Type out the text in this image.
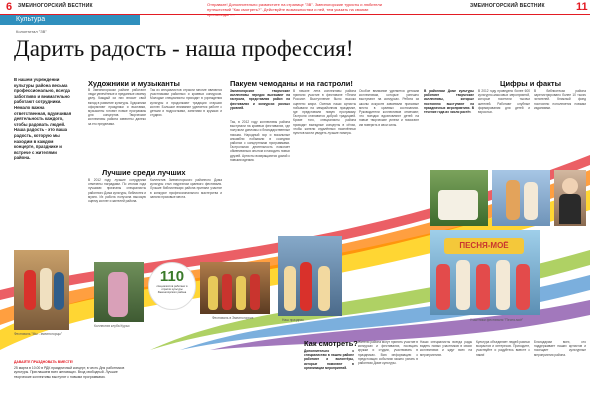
6 ЗМЕИНОГОРСКИЙ ВЕСТНИК	Отправьте! Дополнительно разместите на странице "ЗВ". Змеиногорские туристы и любители путешествий "Как смотреть?". Действуйте возможностям и ней, тем указать на своими пропаганды ....
ЗМЕИНОГОРСКИЙ ВЕСТНИК	11
Культура
Колонтитал "ЗВ"
Дарить радость - наша профессия!
В нашем учреждении культуры района весьма профессионально, всегда заботливо и внимательно работают сотрудники. Немало важна ответственная, вдумчивая деятельность каждого, чтобы радовать людей. Наша радость - это ваша радость, которую мы находим в каждом концерте, празднике и встрече с жителями района.
Художники и музыканты
В Змеиногорском районе работают люди увлечённые и преданные своему делу. Каждый из них вносит свой вклад в развитие культуры. Художники оформляют праздники и выставки, музыканты готовят новые программы для концертов. Творческие коллективы района известны далеко за его пределами.
Так из специалистов отрасли многие являются участниками районных и краевых конкурсов. Молодые специалисты приходят в учреждения культуры и продолжают традиции старших коллег. Большое внимание уделяется работе с детьми и подростками, занятиям в кружках и студиях.
Лучшие среди лучших
В 2012 году лучшие сотрудники отмечены наградами. По итогам года лучшими признаны специалисты районного Дома культуры, библиотек и музея. Их работа получила высокую оценку коллег и жителей района.
Коллектив Змеиногорского районного Дома культуры стал лауреатом краевого фестиваля. Лучшие библиотекари района приняли участие в конкурсе профессионального мастерства и заняли призовые места.
110
специалистов работают в отрасли культуры Змеиногорского района
Пакуем чемоданы и на гастроли!
Змеиногорские творческие коллективы нередко выезжают на гастроли, представляя район на фестивалях и конкурсах разных уровней.
Так, в 2012 году коллективы района выступали на краевых фестивалях, где получили дипломы и благодарственные письма. Народный хор и вокальные ансамбли побывали в соседних районах с концертными программами. Гастрольная деятельность помогает обмениваться опытом и находить новых друзей. Артисты возвращаются домой с новыми идеями.
В начале лета коллективы района приняли участие в фестивале «Песни России». Выступление было высоко оценено жюри. Осенью наши артисты побывали на межрайонном празднике, где представили новую программу. Гастроли становятся доброй традицией. Кроме того, специалисты района проводят выездные концерты в сёлах, чтобы жители отдалённых населённых пунктов могли увидеть лучшие номера.
Особое внимание уделяется детским коллективам, которые успешно выступают на конкурсах. Ребята из школы искусств завоевали призовые места в краевых состязаниях. Руководители коллективов отмечают, что поездки вдохновляют детей на новые творческие успехи и помогают им поверить в свои силы.
Цифры и факты
В районном Доме культуры работают творческие коллективы, которые постоянно выступают на праздничных мероприятиях. В течение года их число растёт.
В 2012 году проведено более 600 культурно-массовых мероприятий, которые посетили тысячи жителей. Работают клубные формирования для детей и взрослых.
В библиотеках района зарегистрировано более 10 тысяч читателей. Книжный фонд постоянно пополняется новыми изданиями.
Фестиваль "Мы - змеиногорцы"
Коллектив клуба Курьи
Фестиваль в Змеиногорске	Наш праздник
ПЕСНЯ-МОЁ
Участники фестиваля "Песня-моё"
Как смотреть?
Дополнительно к специалистам в нашем районе работают и волонтёры, которые помогают в организации мероприятий.
Жители района могут принять участие в конкурсах и фестивалях, посещать кружки и студии, участвовать в праздниках. Всю информацию о предстоящих событиях можно узнать в районном Доме культуры.
Наши специалисты всегда рады видеть новых участников в своих коллективах и ждут всех на мероприятиях.
Культура объединяет людей разных возрастов и интересов. Приходите, участвуйте и радуйтесь вместе с нами!
Благодарим всех, кто поддерживает наших артистов и посещает культурные мероприятия района.
ДАВАЙТЕ ПРАЗДНОВАТЬ ВМЕСТЕ!
25 марта в 10.00 в РДК праздничный концерт, в честь Дня работников культуры. Приглашаем всех желающих. Вход свободный. Лучшие творческие коллективы выступят с новыми программами.
